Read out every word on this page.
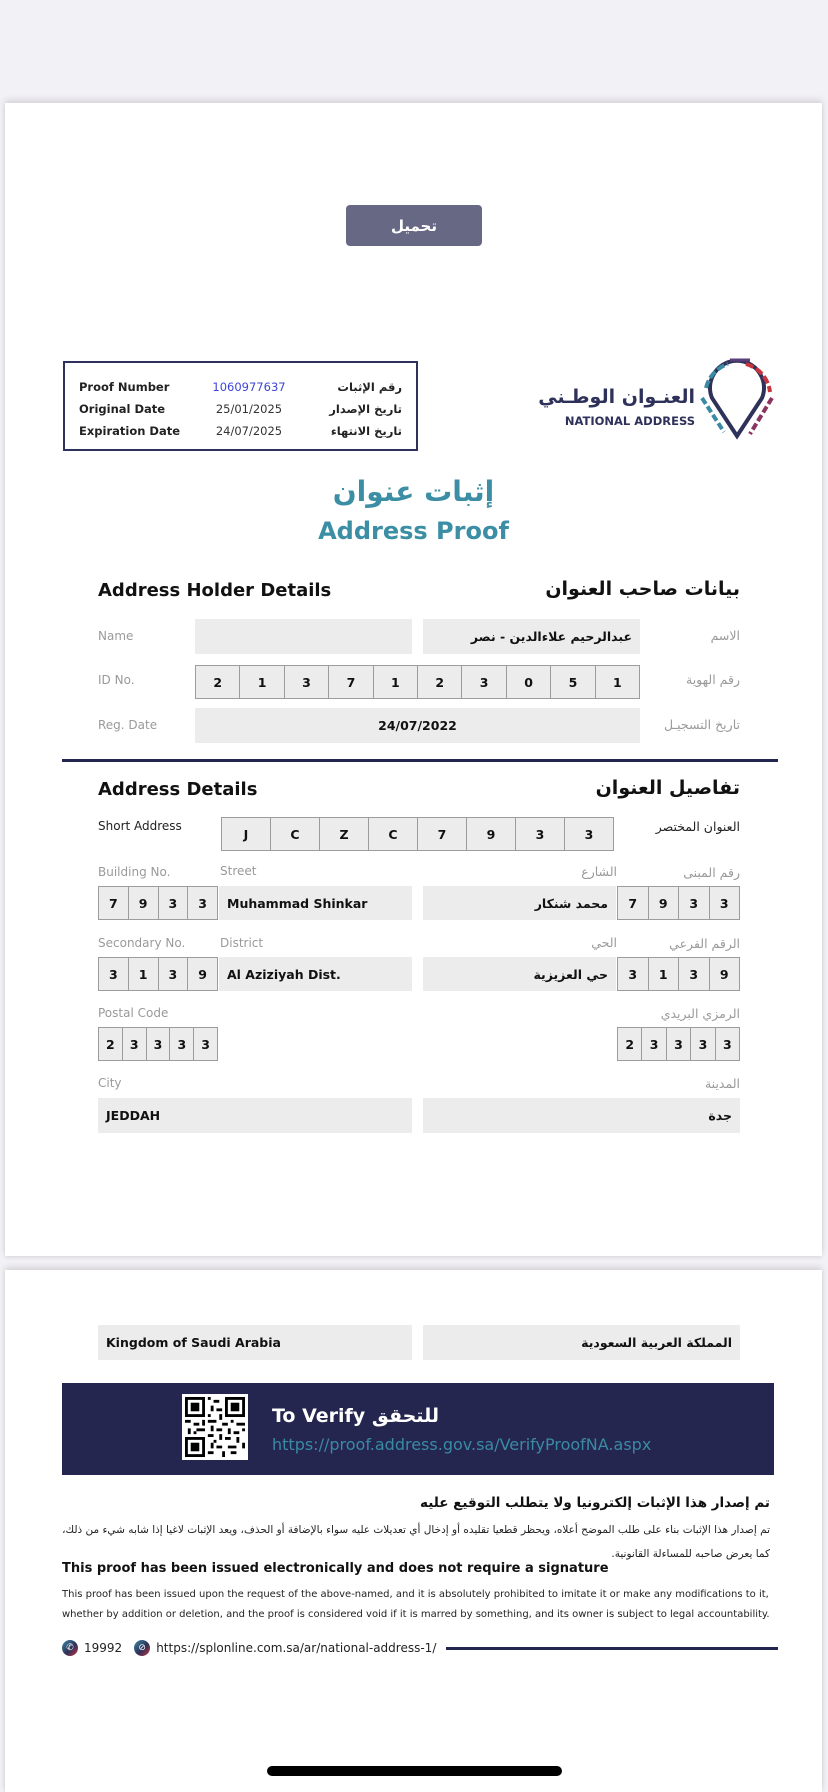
تحميل
Proof Number	1060977637	رقم الإثبات
Original Date	25/01/2025	تاريخ الإصدار
Expiration Date	24/07/2025	تاريخ الانتهاء
العنـوان الوطـني
NATIONAL ADDRESS
إثبات عنوان
Address Proof
Address Holder Details	بيانات صاحب العنوان
Name	عبدالرحيم علاءالدين - نصر	الاسم
ID No.	2	1	3	7	1	2	3	0	5	1	رقم الهوية
Reg. Date	24/07/2022	تاريخ التسجيـل
Address Details	تفاصيل العنوان
Short Address
J	C	Z	C	7	9	3	3	العنوان المختصر
Building No.	Street	الشارع	رقم المبنى
7	9	3	3	Muhammad Shinkar	محمد شنكار	7	9	3	3
Secondary No.	District	الحي	الرقم الفرعي
3	1	3	9	Al Aziziyah Dist.	حي العزيزية	3	1	3	9
Postal Code	الرمزي البريدي
2	3	3	3	3	2	3	3	3	3
City	المدينة
JEDDAH	جدة
Kingdom of Saudi Arabia	المملكة العربية السعودية
To Verify للتحقق
https://proof.address.gov.sa/VerifyProofNA.aspx
تم إصدار هذا الإثبات إلكترونيا ولا يتطلب التوقيع عليه
تم إصدار هذا الإثبات بناء على طلب الموضح أعلاه، ويحظر قطعيا تقليده أو إدخال أي تعديلات عليه سواء بالإضافة أو الحذف، ويعد الإثبات لاغيا إذا شابه شيء من ذلك، كما يعرض صاحبه للمساءلة القانونية.
This proof has been issued electronically and does not require a signature
This proof has been issued upon the request of the above-named, and it is absolutely prohibited to imitate it or make any modifications to it, whether by addition or deletion, and the proof is considered void if it is marred by something, and its owner is subject to legal accountability.
✆ 19992	⊘ https://splonline.com.sa/ar/national-address-1/
